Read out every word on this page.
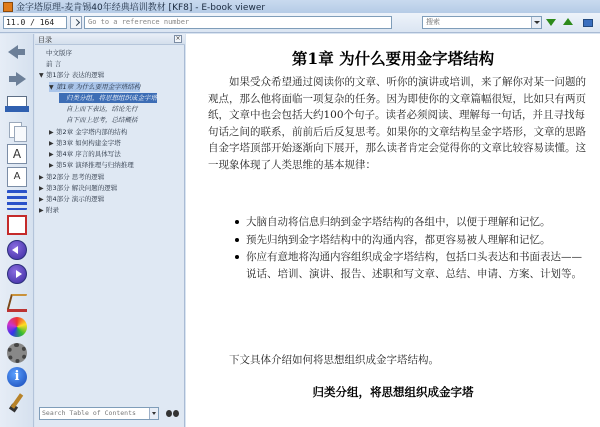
金字塔原理-麦肯锡40年经典培训教材 [KF8] - E-book viewer
11.0 / 164	Go to a reference number	搜索
A
A
i
目录	×
中文版序
前 言
▼ 第1部分 表达的逻辑
▼ 第1章 为什么要用金字塔结构
归类分组，将思想组织成金字塔
自上而下表达，结论先行
自下而上思考，总结概括
▶ 第2章 金字塔内部的结构
▶ 第3章 如何构建金字塔
▶ 第4章 序言的具体写法
▶ 第5章 演绎推理与归纳推理
▶ 第2部分 思考的逻辑
▶ 第3部分 解决问题的逻辑
▶ 第4部分 演示的逻辑
▶ 附录
Search Table of Contents
第1章 为什么要用金字塔结构
如果受众希望通过阅读你的文章、听你的演讲或培训，来了解你对某一问题的观点，那么他将面临一项复杂的任务。因为即使你的文章篇幅很短，比如只有两页纸，文章中也会包括大约100个句子。读者必须阅读、理解每一句话，并且寻找每句话之间的联系，前前后后反复思考。如果你的文章结构呈金字塔形，文章的思路自金字塔顶部开始逐渐向下展开，那么读者肯定会觉得你的文章比较容易读懂。这一现象体现了人类思维的基本规律：
大脑自动将信息归纳到金字塔结构的各组中，以便于理解和记忆。
预先归纳到金字塔结构中的沟通内容，都更容易被人理解和记忆。
你应有意地将沟通内容组织成金字塔结构，包括口头表达和书面表达——说话、培训、演讲、报告、述职和写文章、总结、申请、方案、计划等。
下文具体介绍如何将思想组织成金字塔结构。
归类分组，将思想组织成金字塔
